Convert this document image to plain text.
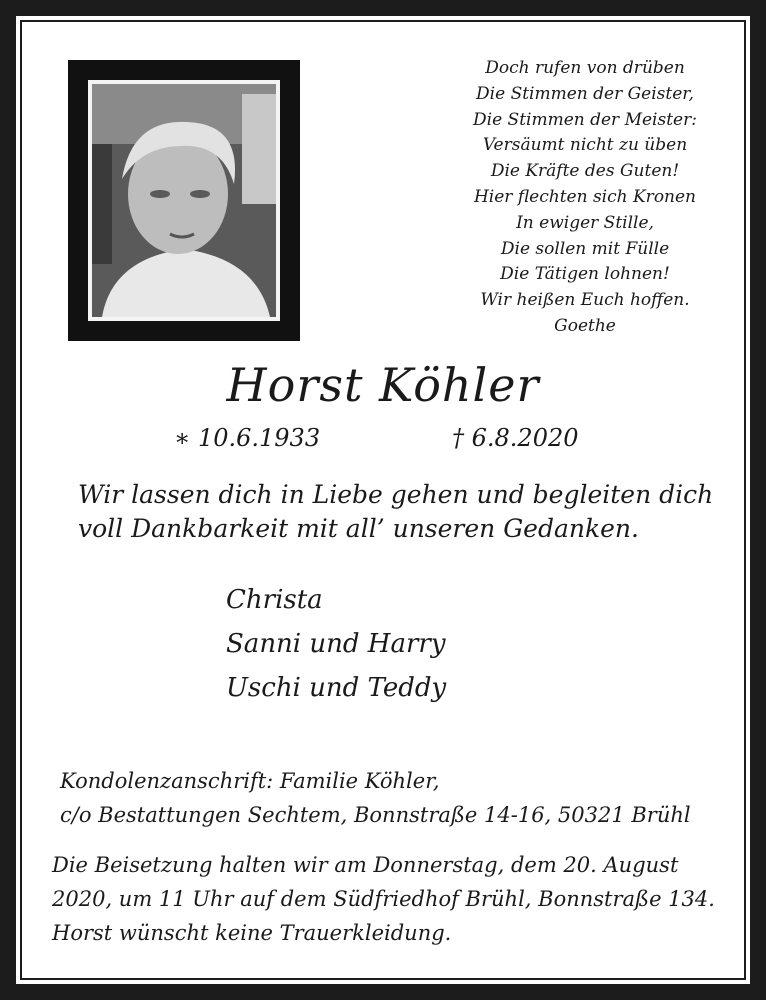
Doch rufen von drüben
Die Stimmen der Geister,
Die Stimmen der Meister:
Versäumt nicht zu üben
Die Kräfte des Guten!
Hier flechten sich Kronen
In ewiger Stille,
Die sollen mit Fülle
Die Tätigen lohnen!
Wir heißen Euch hoffen.
Goethe
Horst Köhler
∗ 10.6.1933	† 6.8.2020
Wir lassen dich in Liebe gehen und begleiten dich
voll Dankbarkeit mit all’ unseren Gedanken.
Christa
Sanni und Harry
Uschi und Teddy
Kondolenzanschrift: Familie Köhler,
c/o Bestattungen Sechtem, Bonnstraße 14-16, 50321 Brühl
Die Beisetzung halten wir am Donnerstag, dem 20. August
2020, um 11 Uhr auf dem Südfriedhof Brühl, Bonnstraße 134.
Horst wünscht keine Trauerkleidung.
